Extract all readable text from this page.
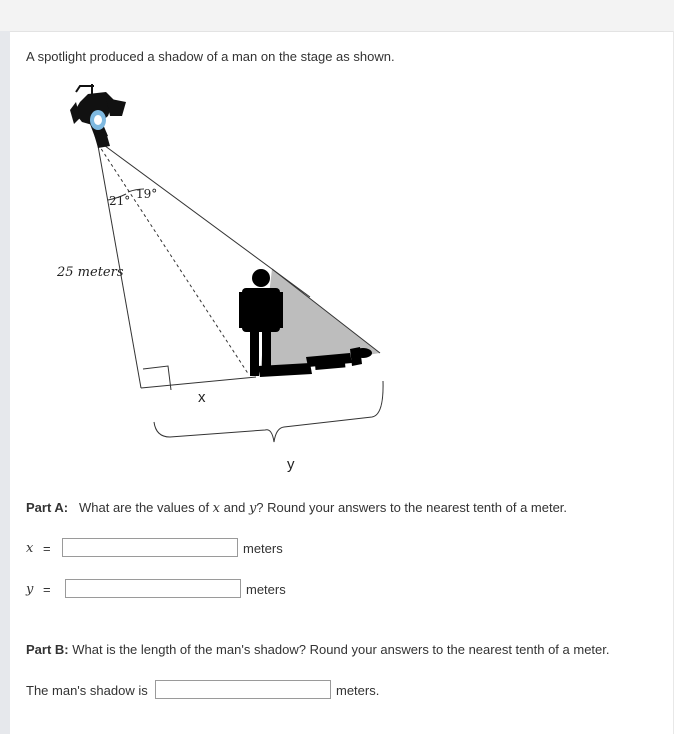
A spotlight produced a shadow of a man on the stage as shown.
21° 19°
25 meters
x
y
Part A: What are the values of x and y? Round your answers to the nearest tenth of a meter.
x =	meters
y =	meters
Part B: What is the length of the man's shadow? Round your answers to the nearest tenth of a meter.
The man's shadow is	meters.
